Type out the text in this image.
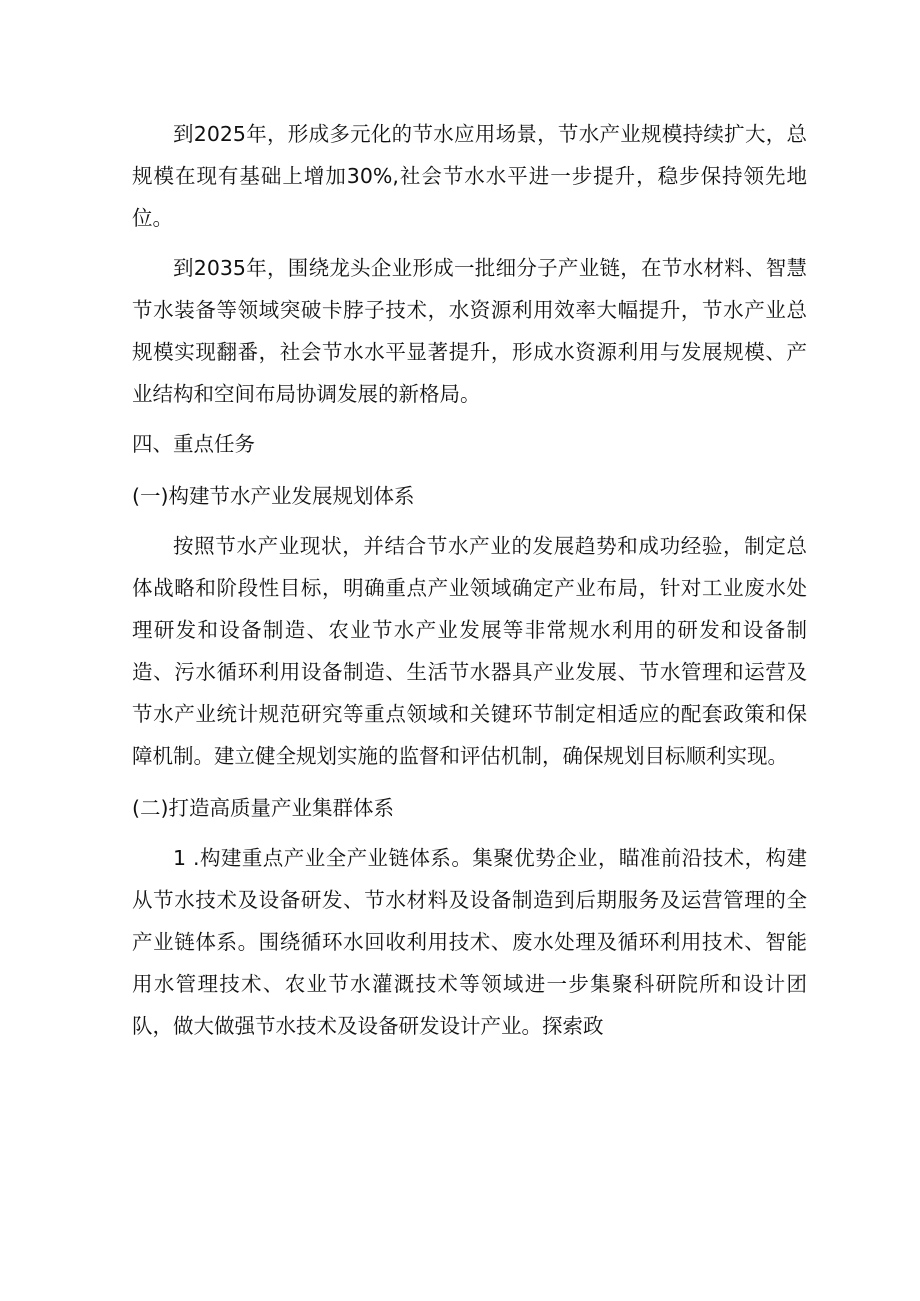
到2025年，形成多元化的节水应用场景，节水产业规模持续扩大，总规模在现有基础上增加30%,社会节水水平进一步提升，稳步保持领先地位。

到2035年，围绕龙头企业形成一批细分子产业链，在节水材料、智慧节水装备等领域突破卡脖子技术，水资源利用效率大幅提升，节水产业总规模实现翻番，社会节水水平显著提升，形成水资源利用与发展规模、产业结构和空间布局协调发展的新格局。

四、重点任务

(一)构建节水产业发展规划体系

按照节水产业现状，并结合节水产业的发展趋势和成功经验，制定总体战略和阶段性目标，明确重点产业领域确定产业布局，针对工业废水处理研发和设备制造、农业节水产业发展等非常规水利用的研发和设备制造、污水循环利用设备制造、生活节水器具产业发展、节水管理和运营及节水产业统计规范研究等重点领域和关键环节制定相适应的配套政策和保障机制。建立健全规划实施的监督和评估机制，确保规划目标顺利实现。

(二)打造高质量产业集群体系

1 .构建重点产业全产业链体系。集聚优势企业，瞄准前沿技术，构建从节水技术及设备研发、节水材料及设备制造到后期服务及运营管理的全产业链体系。围绕循环水回收利用技术、废水处理及循环利用技术、智能用水管理技术、农业节水灌溉技术等领域进一步集聚科研院所和设计团队，做大做强节水技术及设备研发设计产业。探索政
